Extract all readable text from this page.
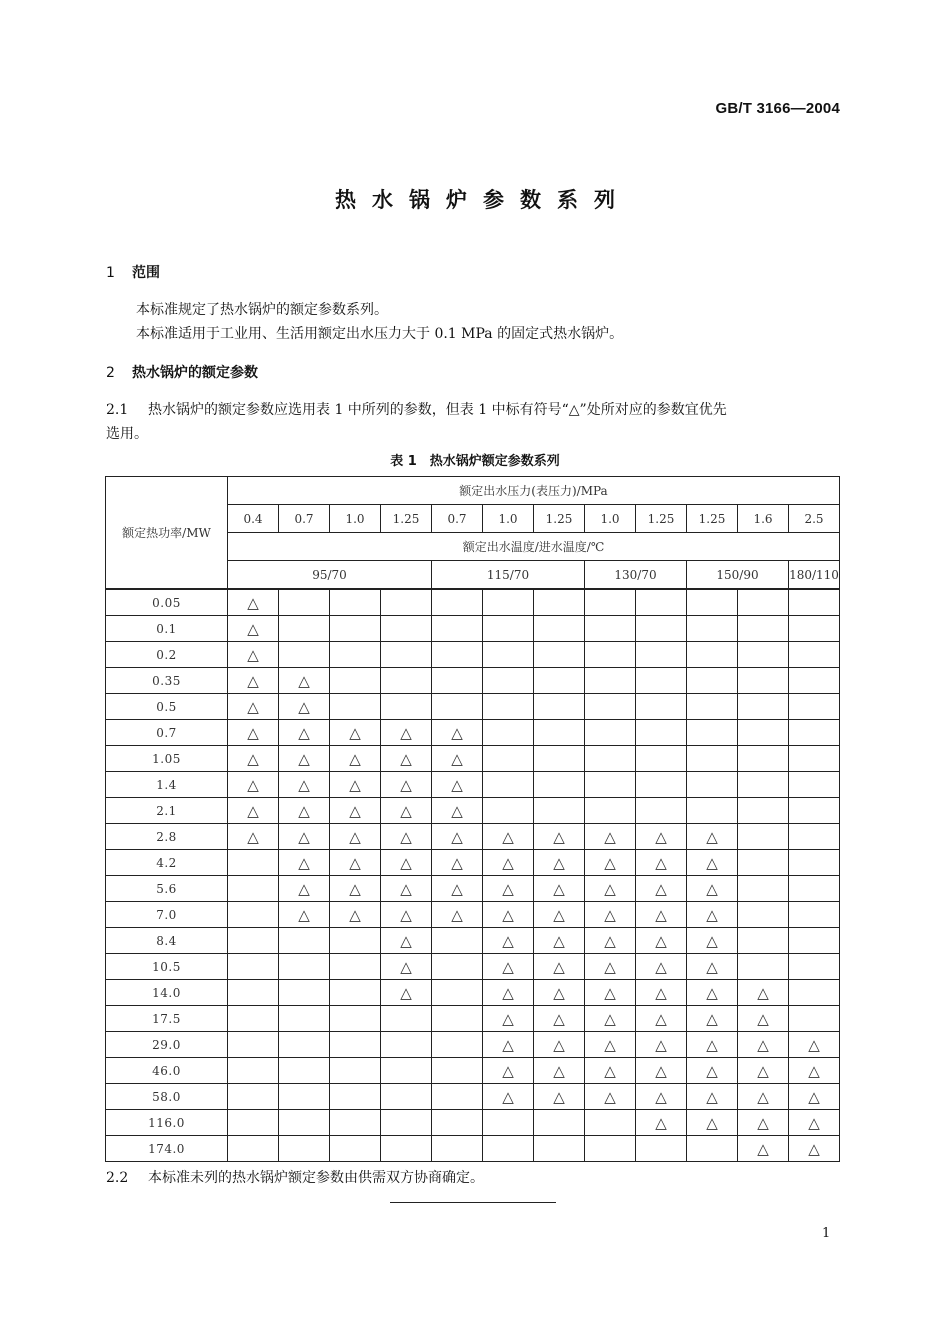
GB/T 3166—2004
热水锅炉参数系列
1 范围
本标准规定了热水锅炉的额定参数系列。
本标准适用于工业用、生活用额定出水压力大于 0.1 MPa 的固定式热水锅炉。
2 热水锅炉的额定参数
2.1 热水锅炉的额定参数应选用表 1 中所列的参数，但表 1 中标有符号“△”处所对应的参数宜优先
选用。
表 1　热水锅炉额定参数系列
额定热功率/MW	额定出水压力(表压力)/MPa											
	0.4	0.7	1.0	1.25	0.7	1.0	1.25	1.0	1.25	1.25	1.6	2.5
	额定出水温度/进水温度/℃											
	95/70				115/70			130/70		150/90		180/110
0.05	△											
0.1	△											
0.2	△											
0.35	△	△										
0.5	△	△										
0.7	△	△	△	△	△							
1.05	△	△	△	△	△							
1.4	△	△	△	△	△							
2.1	△	△	△	△	△							
2.8	△	△	△	△	△	△	△	△	△	△		
4.2		△	△	△	△	△	△	△	△	△		
5.6		△	△	△	△	△	△	△	△	△		
7.0		△	△	△	△	△	△	△	△	△		
8.4				△		△	△	△	△	△		
10.5				△		△	△	△	△	△		
14.0				△		△	△	△	△	△	△	
17.5						△	△	△	△	△	△	
29.0						△	△	△	△	△	△	△
46.0						△	△	△	△	△	△	△
58.0						△	△	△	△	△	△	△
116.0									△	△	△	△
174.0											△	△
2.2 本标准未列的热水锅炉额定参数由供需双方协商确定。
1
